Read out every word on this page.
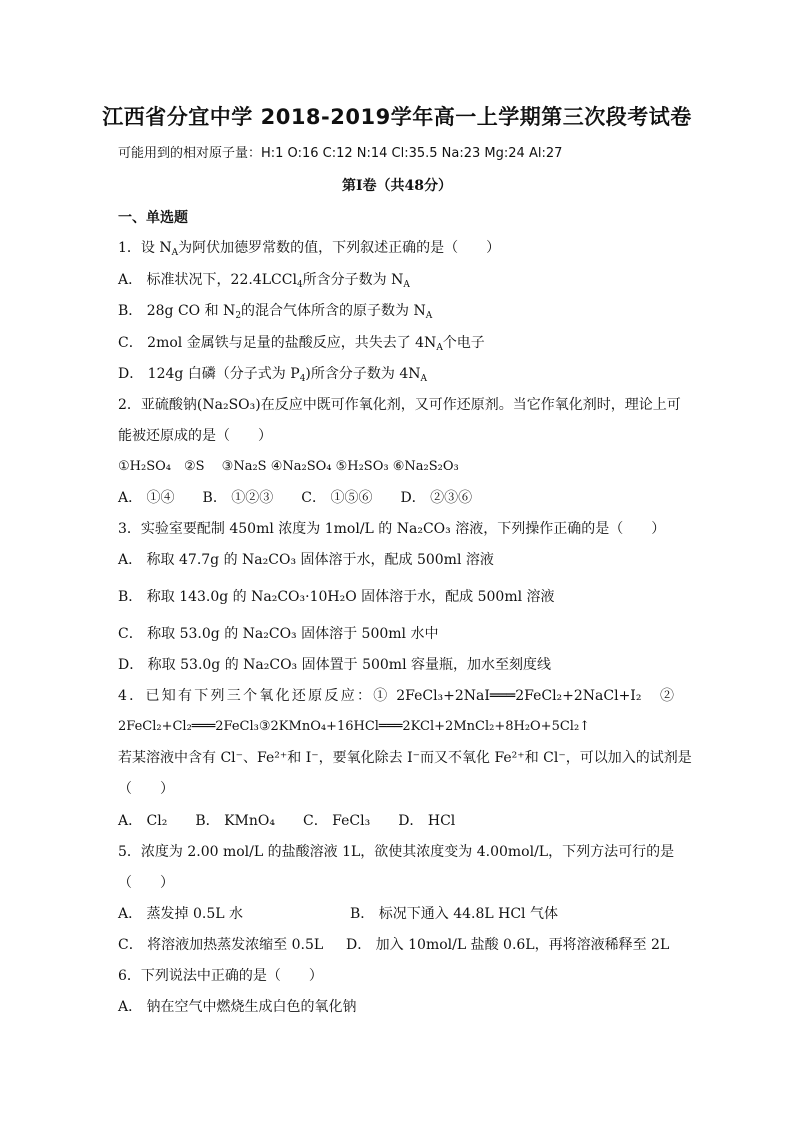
江西省分宜中学 2018-2019学年高一上学期第三次段考试卷
可能用到的相对原子量：H:1 O:16 C:12 N:14 Cl:35.5 Na:23 Mg:24 Al:27
第Ⅰ卷（共48分）
一、单选题
1．设 $N_A$为阿伏加德罗常数的值，下列叙述正确的是（　　）
A． 标准状况下，22.4LCCl$_4$所含分子数为 $N_A$
B． 28g CO 和 $N_2$的混合气体所含的原子数为 $N_A$
C． 2mol 金属铁与足量的盐酸反应，共失去了 $4N_A$个电子
D． 124g 白磷（分子式为 $P_4$)所含分子数为 $4N_A$
2．亚硫酸钠(Na₂SO₃)在反应中既可作氧化剂，又可作还原剂。当它作氧化剂时，理论上可
能被还原成的是（　　）
①H₂SO₄　②S　 ③Na₂S ④Na₂SO₄ ⑤H₂SO₃ ⑥Na₂S₂O₃
A． ①④　　B． ①②③　　C． ①⑤⑥　　D． ②③⑥
3．实验室要配制 450ml 浓度为 1mol/L 的 Na₂CO₃ 溶液，下列操作正确的是（　　）
A． 称取 47.7g 的 Na₂CO₃ 固体溶于水，配成 500ml 溶液
B． 称取 143.0g 的 Na₂CO₃·10H₂O 固体溶于水，配成 500ml 溶液
C． 称取 53.0g 的 Na₂CO₃ 固体溶于 500ml 水中
D． 称取 53.0g 的 Na₂CO₃ 固体置于 500ml 容量瓶，加水至刻度线
4．已知有下列三个氧化还原反应：① 2FeCl₃+2NaI═══2FeCl₂+2NaCl+I₂　②
2FeCl₂+Cl₂═══2FeCl₃③2KMnO₄+16HCl═══2KCl+2MnCl₂+8H₂O+5Cl₂↑
若某溶液中含有 Cl⁻、Fe²⁺和 I⁻，要氧化除去 I⁻而又不氧化 Fe²⁺和 Cl⁻，可以加入的试剂是
（　　）
A． Cl₂　　B． KMnO₄　　C． FeCl₃　　D． HCl
5．浓度为 2.00 mol/L 的盐酸溶液 1L，欲使其浓度变为 4.00mol/L，下列方法可行的是
（　　）
A． 蒸发掉 0.5L 水	B． 标况下通入 44.8L HCl 气体
C． 将溶液加热蒸发浓缩至 0.5L D． 加入 10mol/L 盐酸 0.6L，再将溶液稀释至 2L
6．下列说法中正确的是（　　）
A． 钠在空气中燃烧生成白色的氧化钠
